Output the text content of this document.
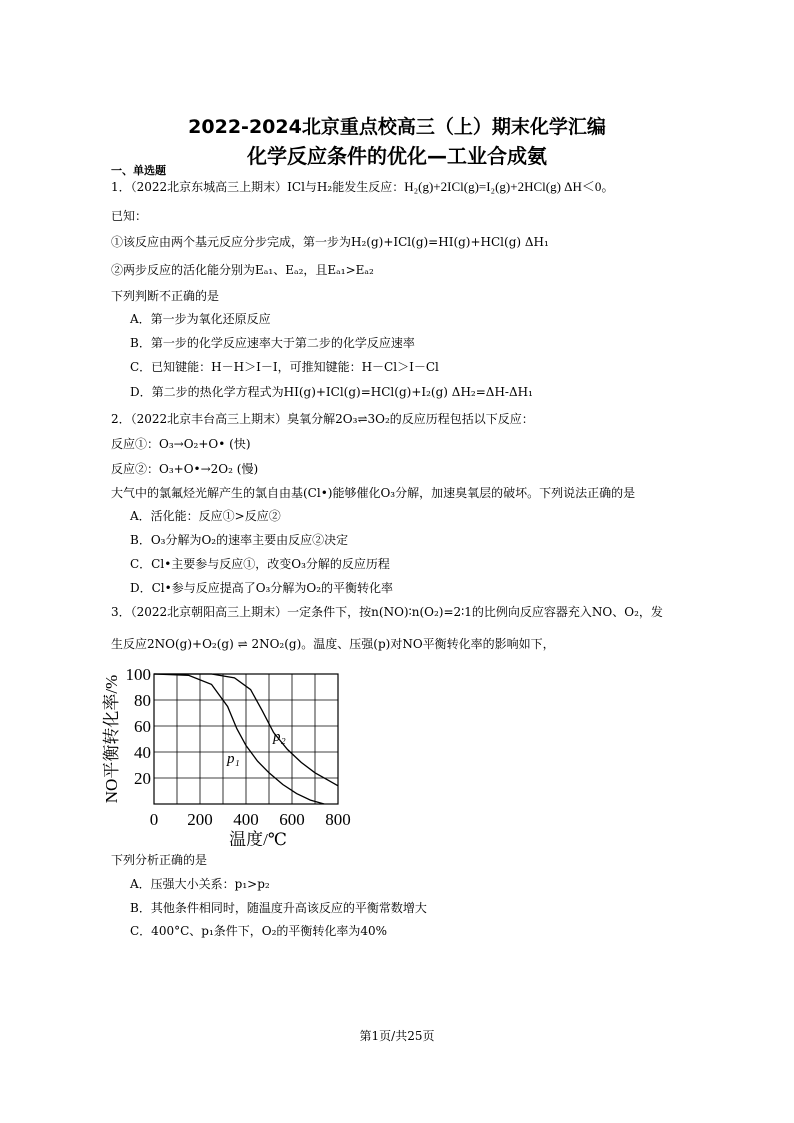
2022-2024北京重点校高三（上）期末化学汇编
化学反应条件的优化—工业合成氨
一、单选题
1．（2022北京东城高三上期末）ICl与H₂能发生反应：H₂(g)+2ICl(g)=I₂(g)+2HCl(g) ΔH＜0。
已知：
①该反应由两个基元反应分步完成，第一步为H₂(g)+ICl(g)=HI(g)+HCl(g) ΔH₁
②两步反应的活化能分别为Eₐ₁、Eₐ₂，且Eₐ₁>Eₐ₂
下列判断不正确的是
A．第一步为氧化还原反应
B．第一步的化学反应速率大于第二步的化学反应速率
C．已知键能：H－H＞I－I，可推知键能：H－Cl＞I－Cl
D．第二步的热化学方程式为HI(g)+ICl(g)=HCl(g)+I₂(g) ΔH₂=ΔH-ΔH₁
2．（2022北京丰台高三上期末）臭氧分解2O₃⇌3O₂的反应历程包括以下反应：
反应①：O₃→O₂+O• (快)
反应②：O₃+O•→2O₂ (慢)
大气中的氯氟烃光解产生的氯自由基(Cl•)能够催化O₃分解，加速臭氧层的破坏。下列说法正确的是
A．活化能：反应①>反应②
B．O₃分解为O₂的速率主要由反应②决定
C．Cl•主要参与反应①，改变O₃分解的反应历程
D．Cl•参与反应提高了O₃分解为O₂的平衡转化率
3．（2022北京朝阳高三上期末）一定条件下，按n(NO)∶n(O₂)=2∶1的比例向反应容器充入NO、O₂，发
生反应2NO(g)+O₂(g) ⇌ 2NO₂(g)。温度、压强(p)对NO平衡转化率的影响如下，
100
80
60
40
20
0 200 400 600 800
NO平衡转化率/%
温度/℃
p₁
p₂
下列分析正确的是
A．压强大小关系：p₁>p₂
B．其他条件相同时，随温度升高该反应的平衡常数增大
C．400°C、p₁条件下，O₂的平衡转化率为40%
第1页/共25页
